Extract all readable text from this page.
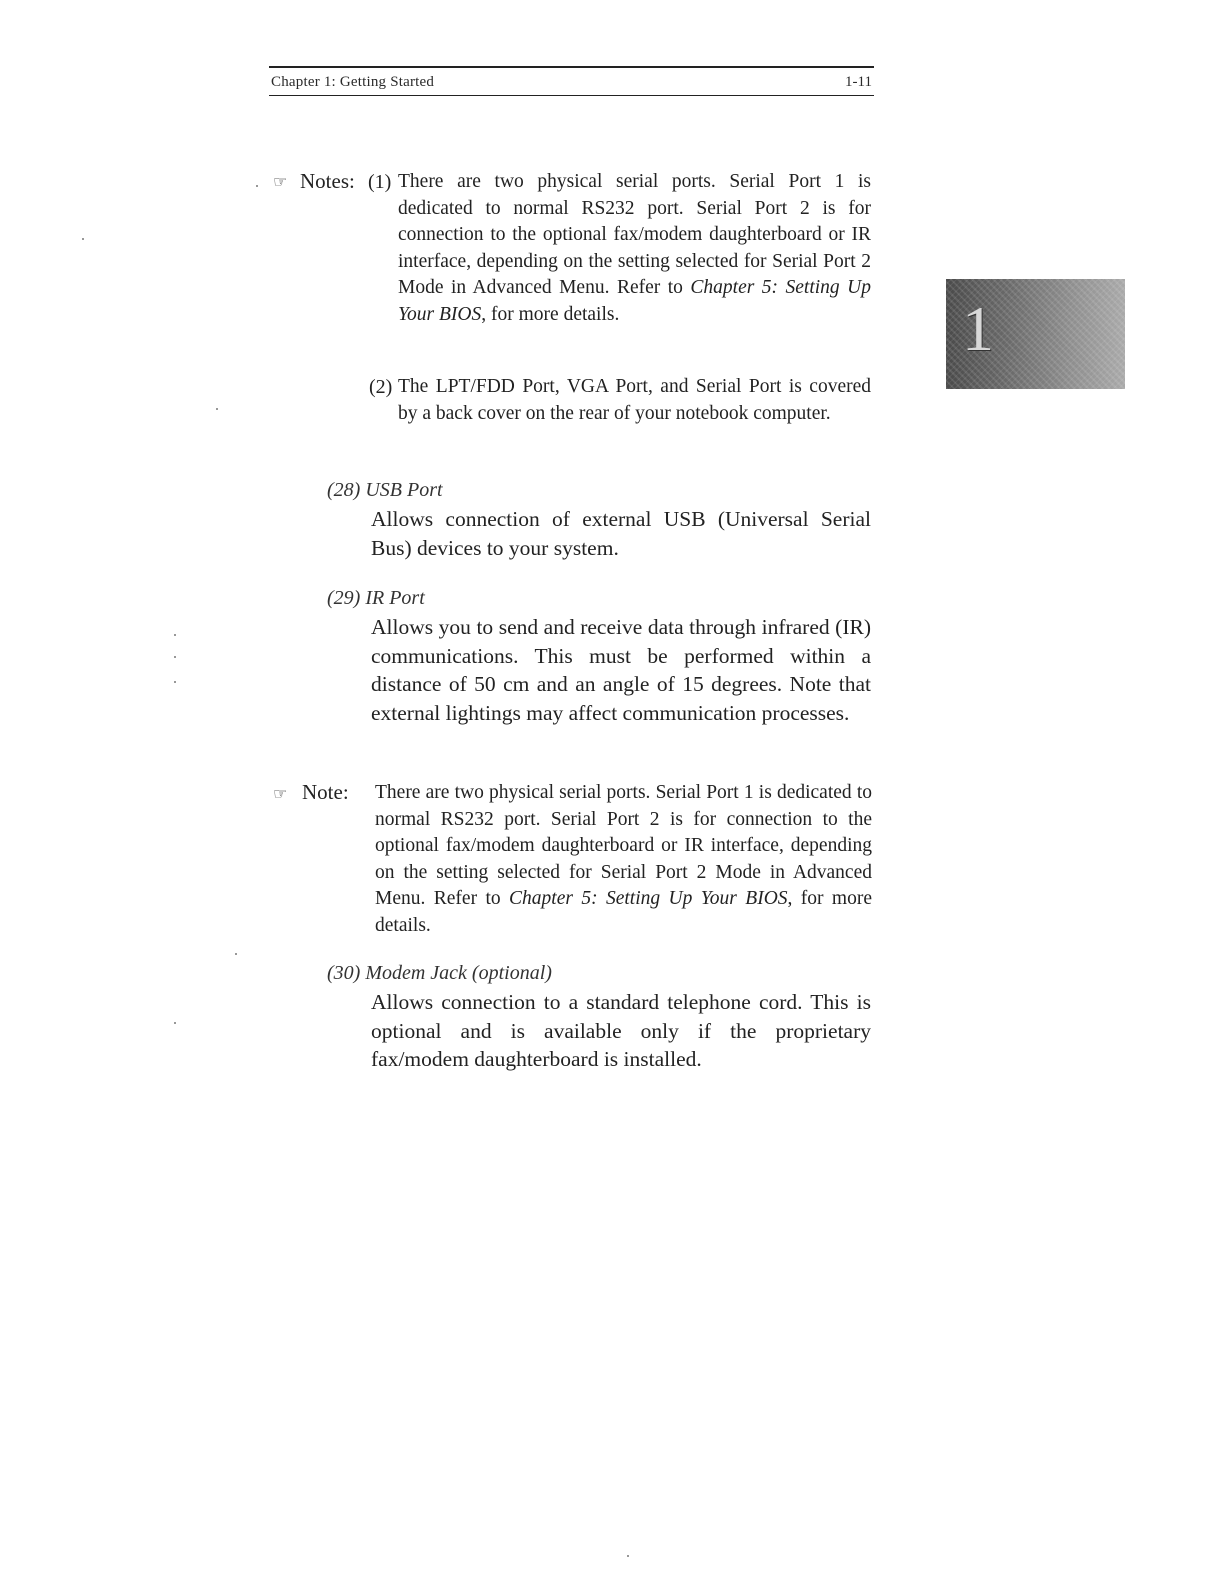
Chapter 1: Getting Started	1-11
1
☞ Notes: (1) There are two physical serial ports. Serial Port 1 is dedicated to normal RS232 port. Serial Port 2 is for connection to the optional fax/modem daughterboard or IR interface, depending on the setting selected for Serial Port 2 Mode in Advanced Menu. Refer to Chapter 5: Setting Up Your BIOS, for more details.

(2) The LPT/FDD Port, VGA Port, and Serial Port is covered by a back cover on the rear of your notebook computer.

(28) USB Port

Allows connection of external USB (Universal Serial Bus) devices to your system.

(29) IR Port

Allows you to send and receive data through infrared (IR) communications. This must be performed within a distance of 50 cm and an angle of 15 degrees. Note that external lightings may affect communication processes.

☞ Note: There are two physical serial ports. Serial Port 1 is dedicated to normal RS232 port. Serial Port 2 is for connection to the optional fax/modem daughterboard or IR interface, depending on the setting selected for Serial Port 2 Mode in Advanced Menu. Refer to Chapter 5: Setting Up Your BIOS, for more details.

(30) Modem Jack (optional)

Allows connection to a standard telephone cord. This is optional and is available only if the proprietary fax/modem daughterboard is installed.
